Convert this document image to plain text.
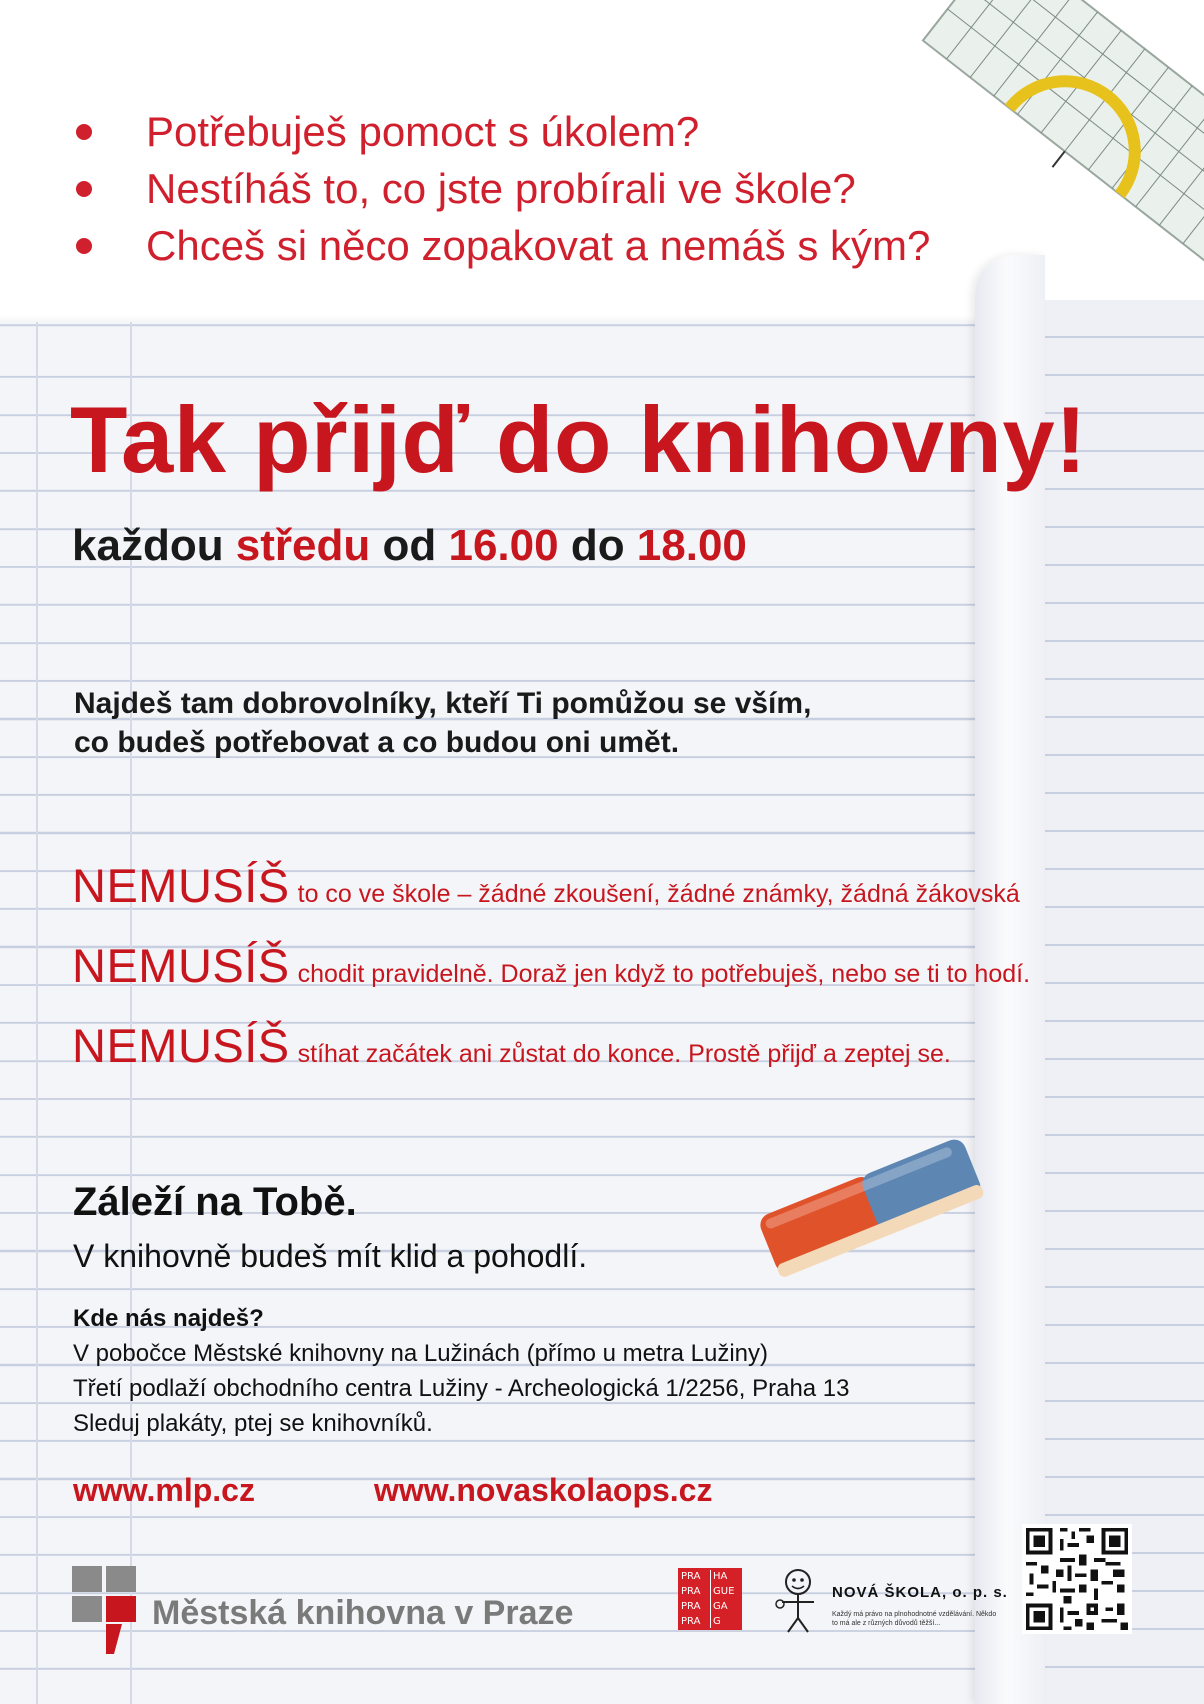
Potřebuješ pomoct s úkolem?
Nestíháš to, co jste probírali ve škole?
Chceš si něco zopakovat a nemáš s kým?
Tak přijď do knihovny!
každou středu od 16.00 do 18.00
Najdeš tam dobrovolníky, kteří Ti pomůžou se vším,
co budeš potřebovat a co budou oni umět.
NEMUSÍŠ to co ve škole – žádné zkoušení, žádné známky, žádná žákovská
NEMUSÍŠ chodit pravidelně. Doraž jen když to potřebuješ, nebo se ti to hodí.
NEMUSÍŠ stíhat začátek ani zůstat do konce. Prostě přijď a zeptej se.
Záleží na Tobě.
V knihovně budeš mít klid a pohodlí.
Kde nás najdeš?
V pobočce Městské knihovny na Lužinách (přímo u metra Lužiny)
Třetí podlaží obchodního centra Lužiny - Archeologická 1/2256, Praha 13
Sleduj plakáty, ptej se knihovníků.
www.mlp.cz	www.novaskolaops.cz
Městská knihovna v Praze
PRA
PRA
PRA
PRA
HA
GUE
GA
G
NOVÁ ŠKOLA, o. p. s.
Každý má právo na plnohodnotné vzdělávání. Někdo to má ale z různých důvodů těžší...
